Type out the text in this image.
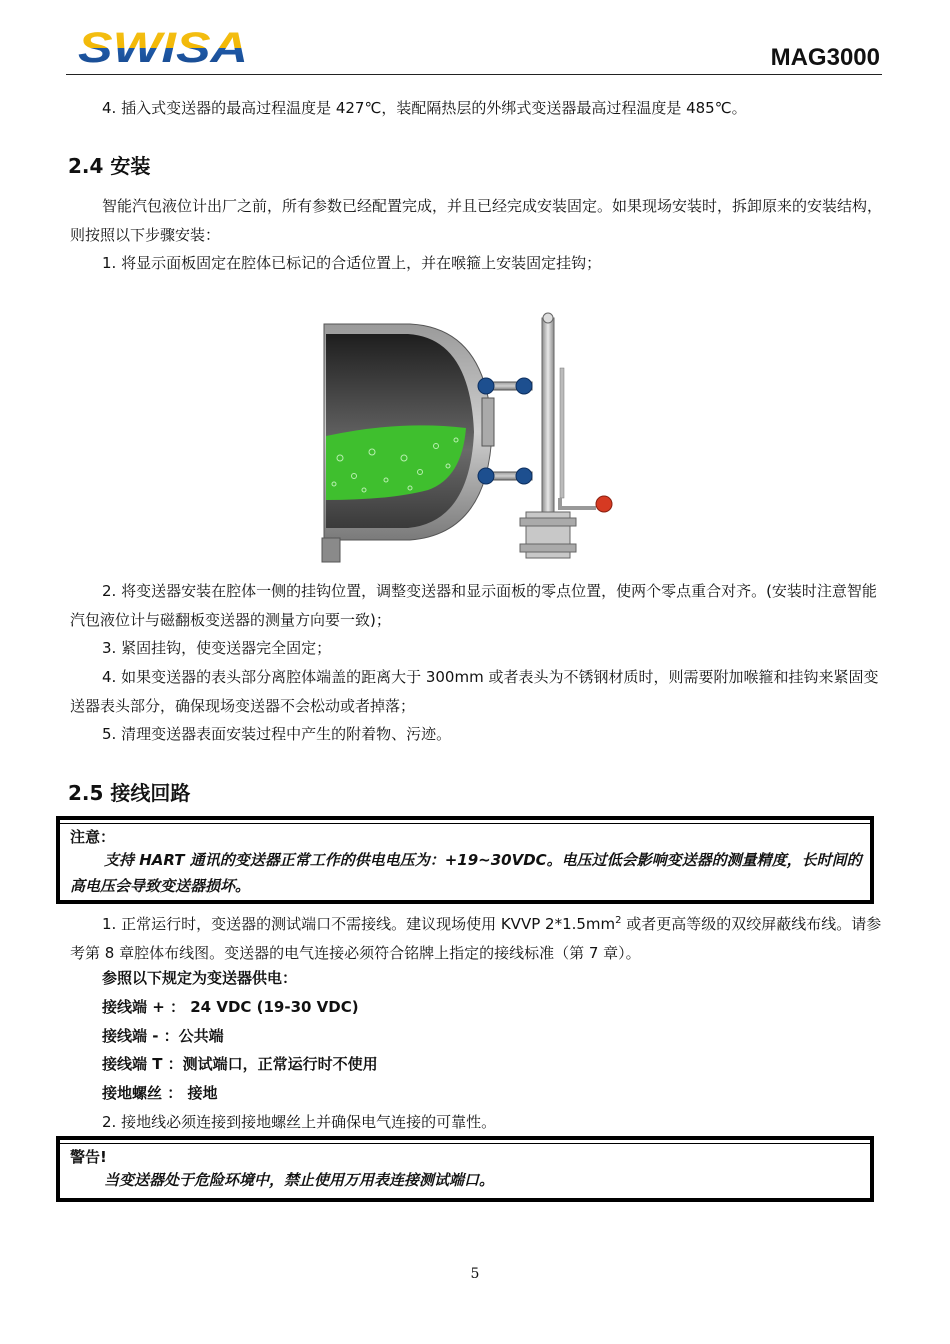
SWISA	MAG3000

4. 插入式变送器的最高过程温度是 427℃，装配隔热层的外绑式变送器最高过程温度是 485℃。

2.4 安装

智能汽包液位计出厂之前，所有参数已经配置完成，并且已经完成安装固定。如果现场安装时，拆卸原来的安装结构，则按照以下步骤安装：

1. 将显示面板固定在腔体已标记的合适位置上，并在喉箍上安装固定挂钩；

2. 将变送器安装在腔体一侧的挂钩位置，调整变送器和显示面板的零点位置，使两个零点重合对齐。(安装时注意智能汽包液位计与磁翻板变送器的测量方向要一致)；

3. 紧固挂钩，使变送器完全固定；

4. 如果变送器的表头部分离腔体端盖的距离大于 300mm 或者表头为不锈钢材质时，则需要附加喉箍和挂钩来紧固变送器表头部分，确保现场变送器不会松动或者掉落；

5. 清理变送器表面安装过程中产生的附着物、污迹。

2.5 接线回路
注意：
支持 HART 通讯的变送器正常工作的供电电压为：+19~30VDC。电压过低会影响变送器的测量精度，长时间的高电压会导致变送器损坏。

1. 正常运行时，变送器的测试端口不需接线。建议现场使用 KVVP $2*1.5mm^2$ 或者更高等级的双绞屏蔽线布线。请参考第 8 章腔体布线图。变送器的电气连接必须符合铭牌上指定的接线标准（第 7 章）。

参照以下规定为变送器供电：

接线端 + ： 24 VDC (19-30 VDC)

接线端 - ：公共端

接线端 T ：测试端口，正常运行时不使用

接地螺丝 ： 接地

2. 接地线必须连接到接地螺丝上并确保电气连接的可靠性。

警告!
当变送器处于危险环境中，禁止使用万用表连接测试端口。
5
